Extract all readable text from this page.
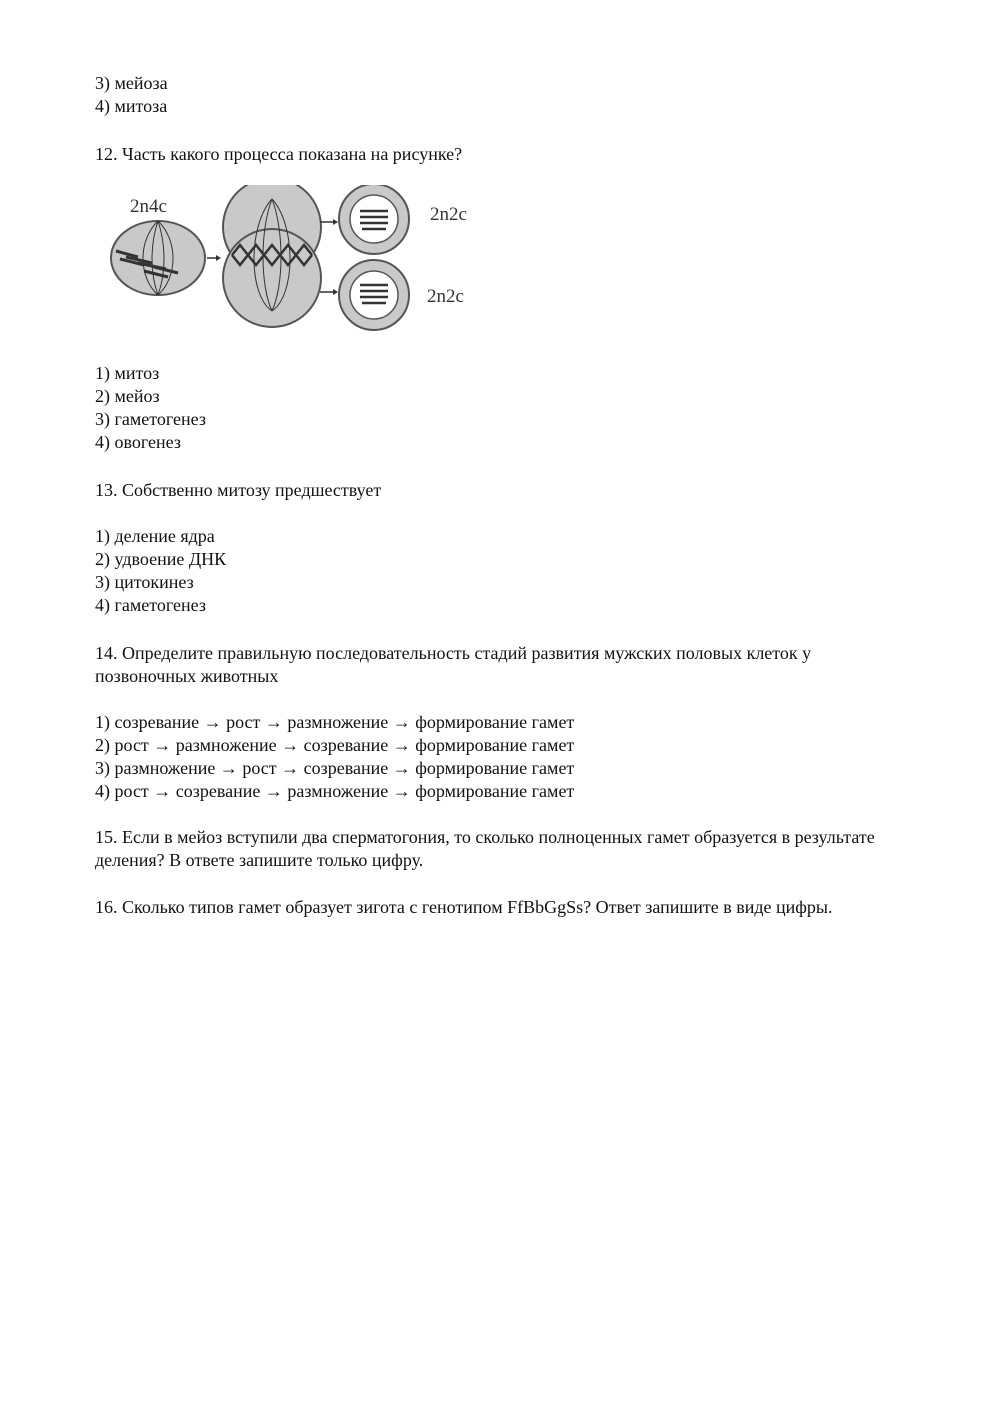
3) мейоза
4) митоза
12. Часть какого процесса показана на рисунке?
2n4c	2n2c
2n2c
1) митоз
2) мейоз
3) гаметогенез
4) овогенез
13. Собственно митозу предшествует
1) деление ядра
2) удвоение ДНК
3) цитокинез
4) гаметогенез
14. Определите правильную последовательность стадий развития мужских половых клеток у позвоночных животных
1) созревание → рост → размножение → формирование гамет
2) рост → размножение → созревание → формирование гамет
3) размножение → рост → созревание → формирование гамет
4) рост → созревание → размножение → формирование гамет
15. Если в мейоз вступили два сперматогония, то сколько полноценных гамет образуется в результате деления? В ответе запишите только цифру.
16. Сколько типов гамет образует зигота с генотипом FfBbGgSs? Ответ запишите в виде цифры.
